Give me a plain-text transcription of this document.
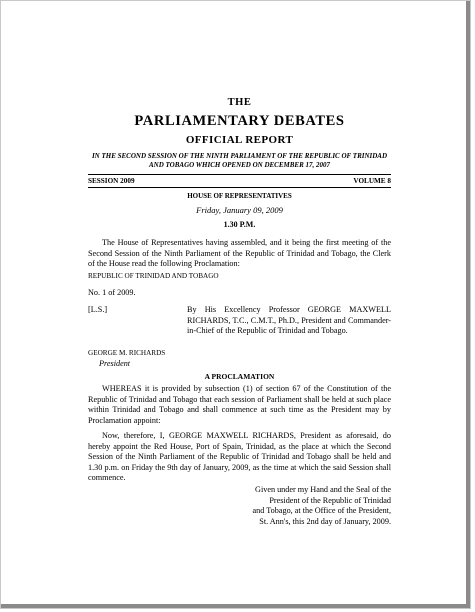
THE
PARLIAMENTARY DEBATES
OFFICIAL REPORT
IN THE SECOND SESSION OF THE NINTH PARLIAMENT OF THE REPUBLIC OF TRINIDAD AND TOBAGO WHICH OPENED ON DECEMBER 17, 2007
SESSION 2009	VOLUME 8
HOUSE OF REPRESENTATIVES
Friday, January 09, 2009
1.30 P.M.
The House of Representatives having assembled, and it being the first meeting of the Second Session of the Ninth Parliament of the Republic of Trinidad and Tobago, the Clerk of the House read the following Proclamation:
REPUBLIC OF TRINIDAD AND TOBAGO
No. 1 of 2009.
[L.S.]	By His Excellency Professor GEORGE MAXWELL RICHARDS, T.C., C.M.T., Ph.D., President and Commander-in-Chief of the Republic of Trinidad and Tobago.
GEORGE M. RICHARDS
President
A PROCLAMATION
WHEREAS it is provided by subsection (1) of section 67 of the Constitution of the Republic of Trinidad and Tobago that each session of Parliament shall be held at such place within Trinidad and Tobago and shall commence at such time as the President may by Proclamation appoint:
Now, therefore, I, GEORGE MAXWELL RICHARDS, President as aforesaid, do hereby appoint the Red House, Port of Spain, Trinidad, as the place at which the Second Session of the Ninth Parliament of the Republic of Trinidad and Tobago shall be held and 1.30 p.m. on Friday the 9th day of January, 2009, as the time at which the said Session shall commence.
Given under my Hand and the Seal of the
President of the Republic of Trinidad
and Tobago, at the Office of the President,
St. Ann's, this 2nd day of January, 2009.
